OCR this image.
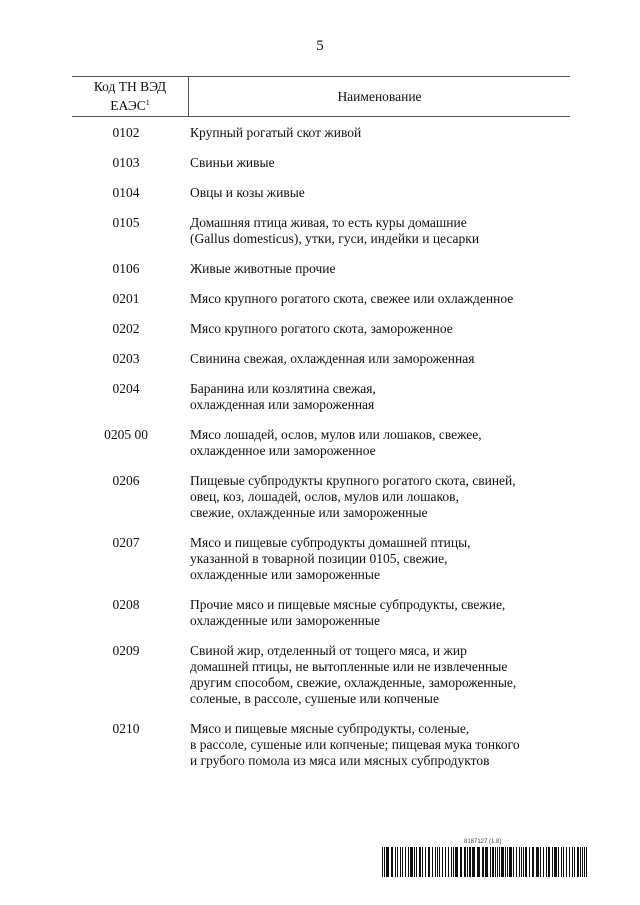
5
Код ТН ВЭД
ЕАЭС$^1$	Наименование
0102	Крупный рогатый скот живой
0103	Свиньи живые
0104	Овцы и козы живые
0105	Домашняя птица живая, то есть куры домашние
(Gallus domesticus), утки, гуси, индейки и цесарки
0106	Живые животные прочие
0201	Мясо крупного рогатого скота, свежее или охлажденное
0202	Мясо крупного рогатого скота, замороженное
0203	Свинина свежая, охлажденная или замороженная
0204	Баранина или козлятина свежая,
охлажденная или замороженная
0205 00	Мясо лошадей, ослов, мулов или лошаков, свежее,
охлажденное или замороженное
0206	Пищевые субпродукты крупного рогатого скота, свиней,
овец, коз, лошадей, ослов, мулов или лошаков,
свежие, охлажденные или замороженные
0207	Мясо и пищевые субпродукты домашней птицы,
указанной в товарной позиции 0105, свежие,
охлажденные или замороженные
0208	Прочие мясо и пищевые мясные субпродукты, свежие,
охлажденные или замороженные
0209	Свиной жир, отделенный от тощего мяса, и жир
домашней птицы, не вытопленные или не извлеченные
другим способом, свежие, охлажденные, замороженные,
соленые, в рассоле, сушеные или копченые
0210	Мясо и пищевые мясные субпродукты, соленые,
в рассоле, сушеные или копченые; пищевая мука тонкого
и грубого помола из мяса или мясных субпродуктов
8187127 (1.8)
